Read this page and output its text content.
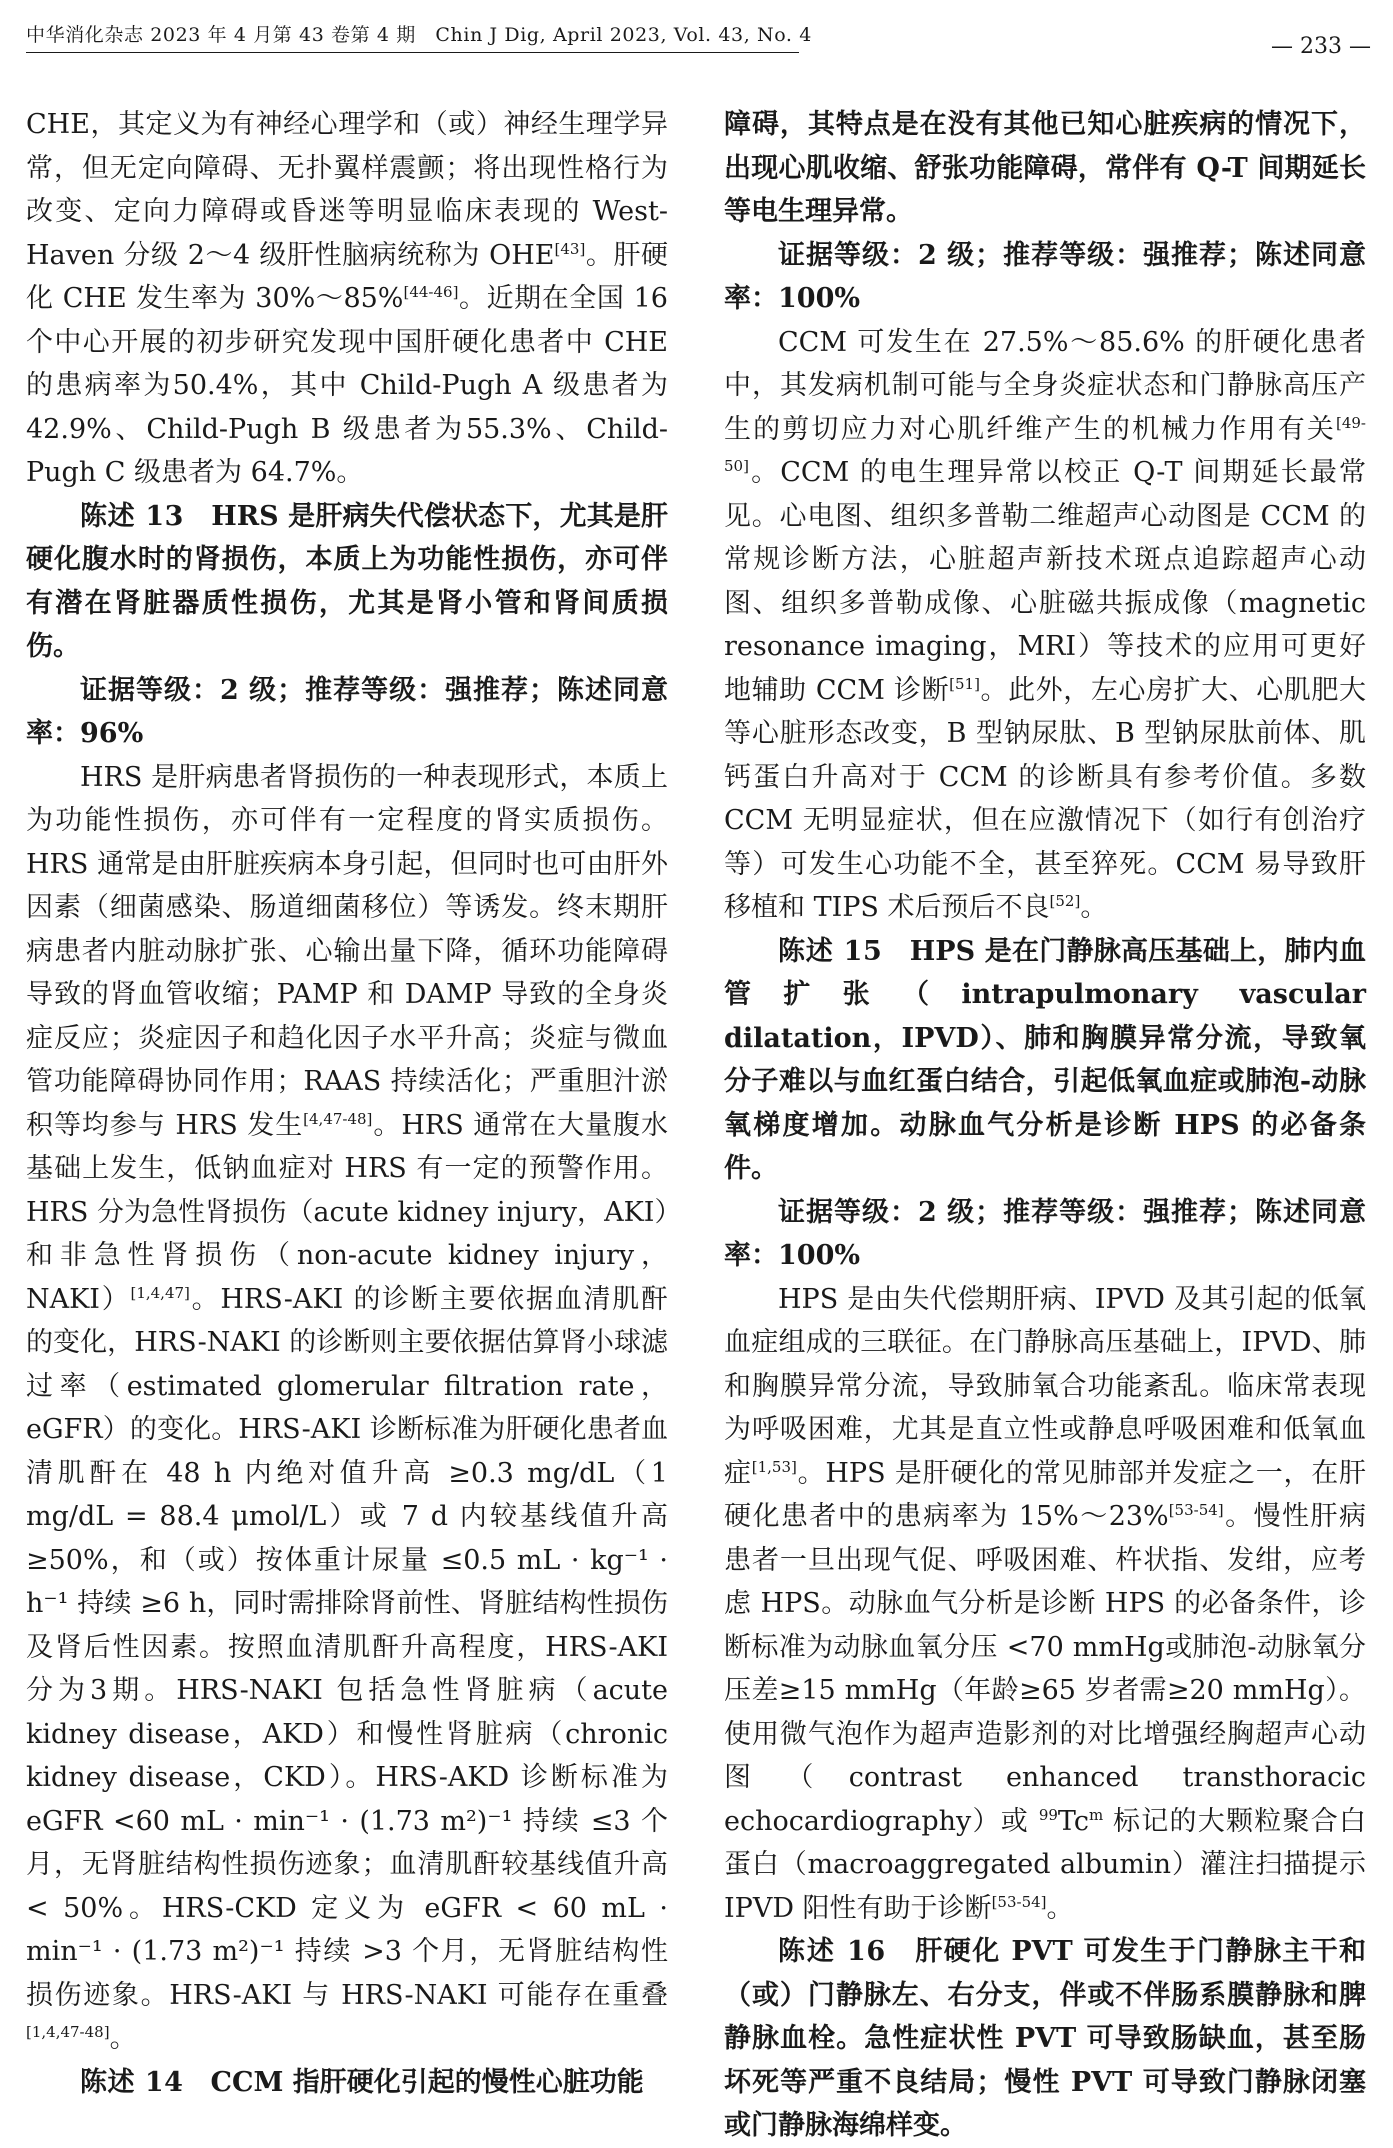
中华消化杂志 2023 年 4 月第 43 卷第 4 期　Chin J Dig, April 2023, Vol. 43, No. 4	— 233 —

CHE，其定义为有神经心理学和（或）神经生理学异常，但无定向障碍、无扑翼样震颤；将出现性格行为改变、定向力障碍或昏迷等明显临床表现的 West-Haven 分级 2～4 级肝性脑病统称为 OHE[43]。肝硬化 CHE 发生率为 30%～85%[44-46]。近期在全国 16 个中心开展的初步研究发现中国肝硬化患者中 CHE 的患病率为50.4%，其中 Child-Pugh A 级患者为 42.9%、Child-Pugh B 级患者为55.3%、Child-Pugh C 级患者为 64.7%。

陈述 13　 HRS 是肝病失代偿状态下，尤其是肝硬化腹水时的肾损伤，本质上为功能性损伤，亦可伴有潜在肾脏器质性损伤，尤其是肾小管和肾间质损伤。

证据等级：2 级；推荐等级：强推荐；陈述同意率：96%

HRS 是肝病患者肾损伤的一种表现形式，本质上为功能性损伤，亦可伴有一定程度的肾实质损伤。HRS 通常是由肝脏疾病本身引起，但同时也可由肝外因素（细菌感染、肠道细菌移位）等诱发。终末期肝病患者内脏动脉扩张、心输出量下降，循环功能障碍导致的肾血管收缩；PAMP 和 DAMP 导致的全身炎症反应；炎症因子和趋化因子水平升高；炎症与微血管功能障碍协同作用；RAAS 持续活化；严重胆汁淤积等均参与 HRS 发生[4,47-48]。HRS 通常在大量腹水基础上发生，低钠血症对 HRS 有一定的预警作用。HRS 分为急性肾损伤（acute kidney injury，AKI）和非急性肾损伤（non-acute kidney injury，NAKI）[1,4,47]。HRS-AKI 的诊断主要依据血清肌酐的变化，HRS-NAKI 的诊断则主要依据估算肾小球滤过率（estimated glomerular filtration rate，eGFR）的变化。HRS-AKI 诊断标准为肝硬化患者血清肌酐在 48 h 内绝对值升高 ≥0.3 mg/dL（1 mg/dL = 88.4 μmol/L）或 7 d 内较基线值升高 ≥50%，和（或）按体重计尿量 ≤0.5 mL · kg⁻¹ · h⁻¹ 持续 ≥6 h，同时需排除肾前性、肾脏结构性损伤及肾后性因素。按照血清肌酐升高程度，HRS-AKI 分为3期。HRS-NAKI 包括急性肾脏病（acute kidney disease，AKD）和慢性肾脏病（chronic kidney disease，CKD）。HRS-AKD 诊断标准为 eGFR <60 mL · min⁻¹ · (1.73 m²)⁻¹ 持续 ≤3 个月，无肾脏结构性损伤迹象；血清肌酐较基线值升高 < 50%。HRS-CKD 定义为 eGFR < 60 mL · min⁻¹ · (1.73 m²)⁻¹ 持续 >3 个月，无肾脏结构性损伤迹象。HRS-AKI 与 HRS-NAKI 可能存在重叠[1,4,47-48]。

陈述 14　 CCM 指肝硬化引起的慢性心脏功能

障碍，其特点是在没有其他已知心脏疾病的情况下，出现心肌收缩、舒张功能障碍，常伴有 Q-T 间期延长等电生理异常。

证据等级：2 级；推荐等级：强推荐；陈述同意率：100%

CCM 可发生在 27.5%～85.6% 的肝硬化患者中，其发病机制可能与全身炎症状态和门静脉高压产生的剪切应力对心肌纤维产生的机械力作用有关[49-50]。CCM 的电生理异常以校正 Q-T 间期延长最常见。心电图、组织多普勒二维超声心动图是 CCM 的常规诊断方法，心脏超声新技术斑点追踪超声心动图、组织多普勒成像、心脏磁共振成像（magnetic resonance imaging，MRI）等技术的应用可更好地辅助 CCM 诊断[51]。此外，左心房扩大、心肌肥大等心脏形态改变，B 型钠尿肽、B 型钠尿肽前体、肌钙蛋白升高对于 CCM 的诊断具有参考价值。多数 CCM 无明显症状，但在应激情况下（如行有创治疗等）可发生心功能不全，甚至猝死。CCM 易导致肝移植和 TIPS 术后预后不良[52]。

陈述 15　 HPS 是在门静脉高压基础上，肺内血管扩张（intrapulmonary vascular dilatation，IPVD）、肺和胸膜异常分流，导致氧分子难以与血红蛋白结合，引起低氧血症或肺泡-动脉氧梯度增加。动脉血气分析是诊断 HPS 的必备条件。

证据等级：2 级；推荐等级：强推荐；陈述同意率：100%

HPS 是由失代偿期肝病、IPVD 及其引起的低氧血症组成的三联征。在门静脉高压基础上，IPVD、肺和胸膜异常分流，导致肺氧合功能紊乱。临床常表现为呼吸困难，尤其是直立性或静息呼吸困难和低氧血症[1,53]。HPS 是肝硬化的常见肺部并发症之一，在肝硬化患者中的患病率为 15%～23%[53-54]。慢性肝病患者一旦出现气促、呼吸困难、杵状指、发绀，应考虑 HPS。动脉血气分析是诊断 HPS 的必备条件，诊断标准为动脉血氧分压 <70 mmHg或肺泡-动脉氧分压差≥15 mmHg（年龄≥65 岁者需≥20 mmHg）。使用微气泡作为超声造影剂的对比增强经胸超声心动图（contrast enhanced transthoracic echocardiography）或 $^{99}$Tc$^m$ 标记的大颗粒聚合白蛋白（macroaggregated albumin）灌注扫描提示 IPVD 阳性有助于诊断[53-54]。

陈述 16　 肝硬化 PVT 可发生于门静脉主干和（或）门静脉左、右分支，伴或不伴肠系膜静脉和脾静脉血栓。急性症状性 PVT 可导致肠缺血，甚至肠坏死等严重不良结局；慢性 PVT 可导致门静脉闭塞或门静脉海绵样变。
